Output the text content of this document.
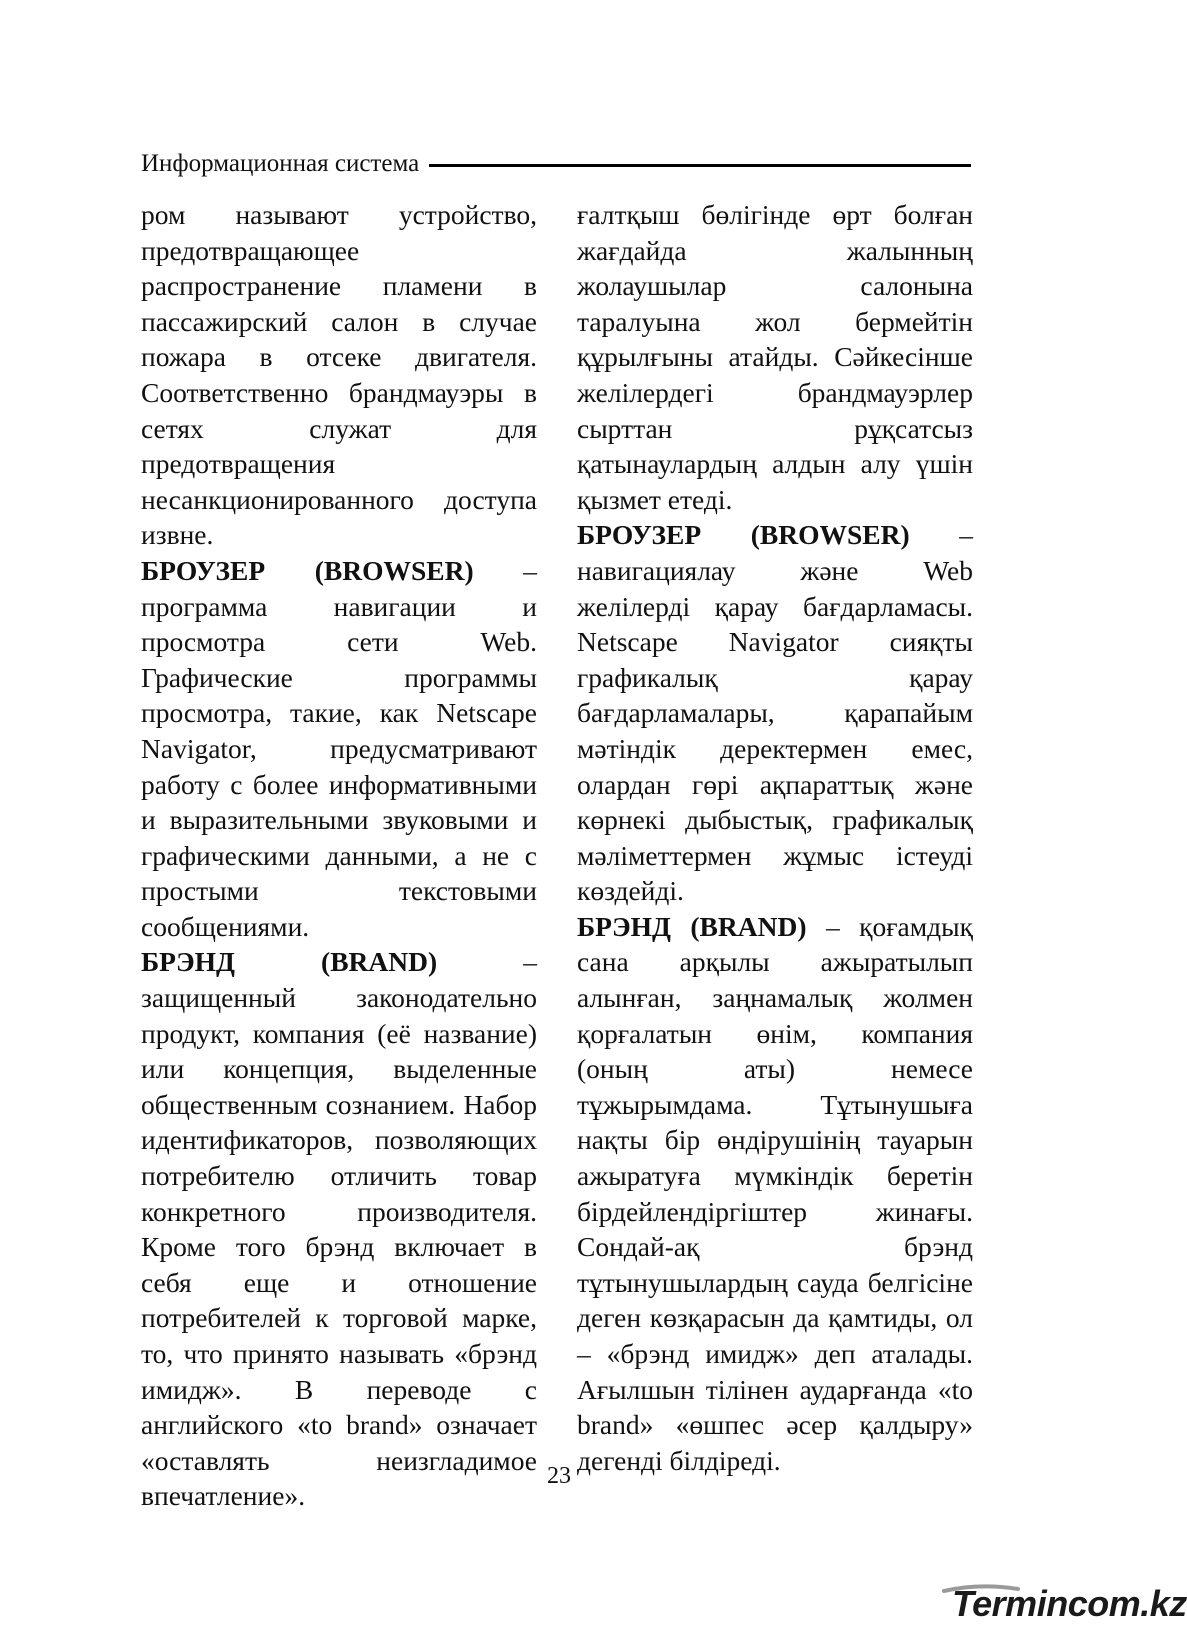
Информационная система

ром называют устройство, предотвращающее распространение пламени в пассажирский салон в случае пожара в отсеке двигателя. Соответственно брандмауэры в сетях служат для предотвращения несанкционированного доступа извне.

БРОУЗЕР (BROWSER) – программа навигации и просмотра сети Web. Графические программы просмотра, такие, как Netscape Navigator, предусматривают работу с более информативными и выразительными звуковыми и графическими данными, а не с простыми текстовыми сообщениями.

БРЭНД (BRAND) – защищенный законодательно продукт, компания (её название) или концепция, выделенные общественным сознанием. Набор идентификаторов, позволяющих потребителю отличить товар конкретного производителя. Кроме того брэнд включает в себя еще и отношение потребителей к торговой марке, то, что принято называть «брэнд имидж». В переводе с английского «to brand» означает «оставлять неизгладимое впечатление».

ғалтқыш бөлігінде өрт болған жағдайда жалынның жолаушылар салонына таралуына жол бермейтін құрылғыны атайды. Сәйкесінше желілердегі брандмауэрлер сырттан рұқсатсыз қатынаулардың алдын алу үшін қызмет етеді.

БРОУЗЕР (BROWSER) – навигациялау және Web желілерді қарау бағдарламасы. Netscape Navigator сияқты графикалық қарау бағдарламалары, қарапайым мәтіндік деректермен емес, олардан гөрі ақпараттық және көрнекі дыбыстық, графикалық мәліметтермен жұмыс істеуді көздейді.

БРЭНД (BRAND) – қоғамдық сана арқылы ажыратылып алынған, заңнамалық жолмен қорғалатын өнім, компания (оның аты) немесе тұжырымдама. Тұтынушыға нақты бір өндірушінің тауарын ажыратуға мүмкіндік беретін бірдейлендіргіштер жинағы. Сондай-ақ брэнд тұтынушылардың сауда белгісіне деген көзқарасын да қамтиды, ол – «брэнд имидж» деп аталады. Ағылшын тілінен аударғанда «to brand» «өшпес әсер қалдыру» дегенді білдіреді.

23
Termincom.kz
